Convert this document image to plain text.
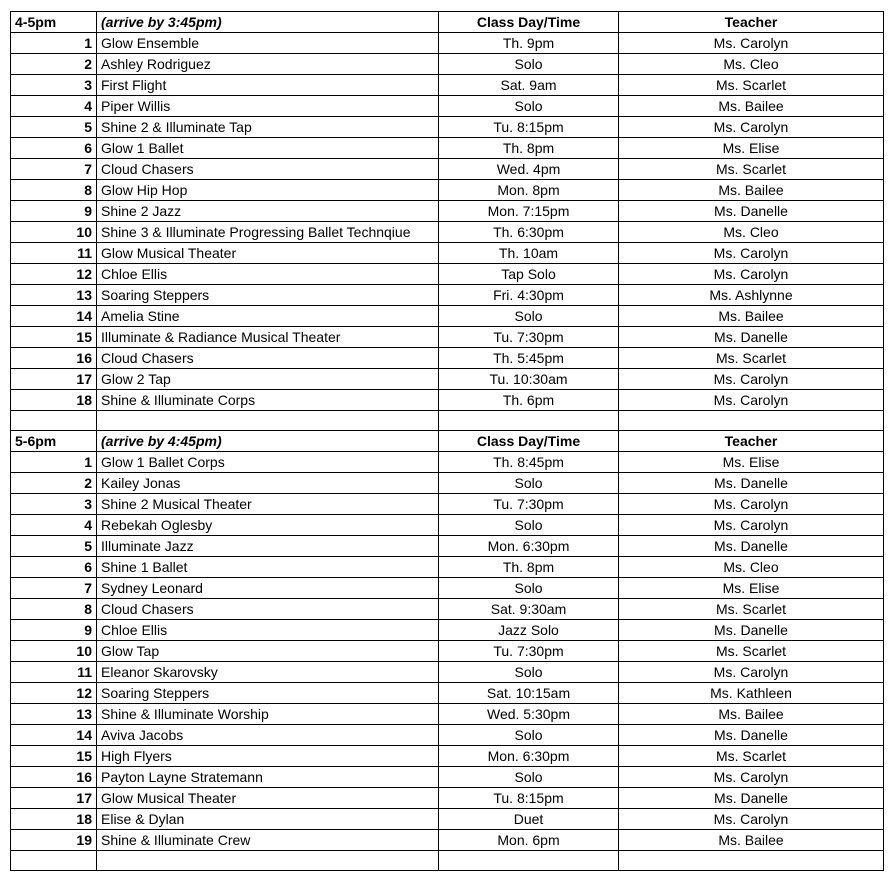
4-5pm	(arrive by 3:45pm)	Class Day/Time	Teacher
1	Glow Ensemble	Th. 9pm	Ms. Carolyn
2	Ashley Rodriguez	Solo	Ms. Cleo
3	First Flight	Sat. 9am	Ms. Scarlet
4	Piper Willis	Solo	Ms. Bailee
5	Shine 2 & Illuminate Tap	Tu. 8:15pm	Ms. Carolyn
6	Glow 1 Ballet	Th. 8pm	Ms. Elise
7	Cloud Chasers	Wed. 4pm	Ms. Scarlet
8	Glow Hip Hop	Mon. 8pm	Ms. Bailee
9	Shine 2 Jazz	Mon. 7:15pm	Ms. Danelle
10	Shine 3 & Illuminate Progressing Ballet Technqiue	Th. 6:30pm	Ms. Cleo
11	Glow Musical Theater	Th. 10am	Ms. Carolyn
12	Chloe Ellis	Tap Solo	Ms. Carolyn
13	Soaring Steppers	Fri. 4:30pm	Ms. Ashlynne
14	Amelia Stine	Solo	Ms. Bailee
15	Illuminate & Radiance Musical Theater	Tu. 7:30pm	Ms. Danelle
16	Cloud Chasers	Th. 5:45pm	Ms. Scarlet
17	Glow 2 Tap	Tu. 10:30am	Ms. Carolyn
18	Shine & Illuminate Corps	Th. 6pm	Ms. Carolyn

5-6pm	(arrive by 4:45pm)	Class Day/Time	Teacher
1	Glow 1 Ballet Corps	Th. 8:45pm	Ms. Elise
2	Kailey Jonas	Solo	Ms. Danelle
3	Shine 2 Musical Theater	Tu. 7:30pm	Ms. Carolyn
4	Rebekah Oglesby	Solo	Ms. Carolyn
5	Illuminate Jazz	Mon. 6:30pm	Ms. Danelle
6	Shine 1 Ballet	Th. 8pm	Ms. Cleo
7	Sydney Leonard	Solo	Ms. Elise
8	Cloud Chasers	Sat. 9:30am	Ms. Scarlet
9	Chloe Ellis	Jazz Solo	Ms. Danelle
10	Glow Tap	Tu. 7:30pm	Ms. Scarlet
11	Eleanor Skarovsky	Solo	Ms. Carolyn
12	Soaring Steppers	Sat. 10:15am	Ms. Kathleen
13	Shine & Illuminate Worship	Wed. 5:30pm	Ms. Bailee
14	Aviva Jacobs	Solo	Ms. Danelle
15	High Flyers	Mon. 6:30pm	Ms. Scarlet
16	Payton Layne Stratemann	Solo	Ms. Carolyn
17	Glow Musical Theater	Tu. 8:15pm	Ms. Danelle
18	Elise & Dylan	Duet	Ms. Carolyn
19	Shine & Illuminate Crew	Mon. 6pm	Ms. Bailee
